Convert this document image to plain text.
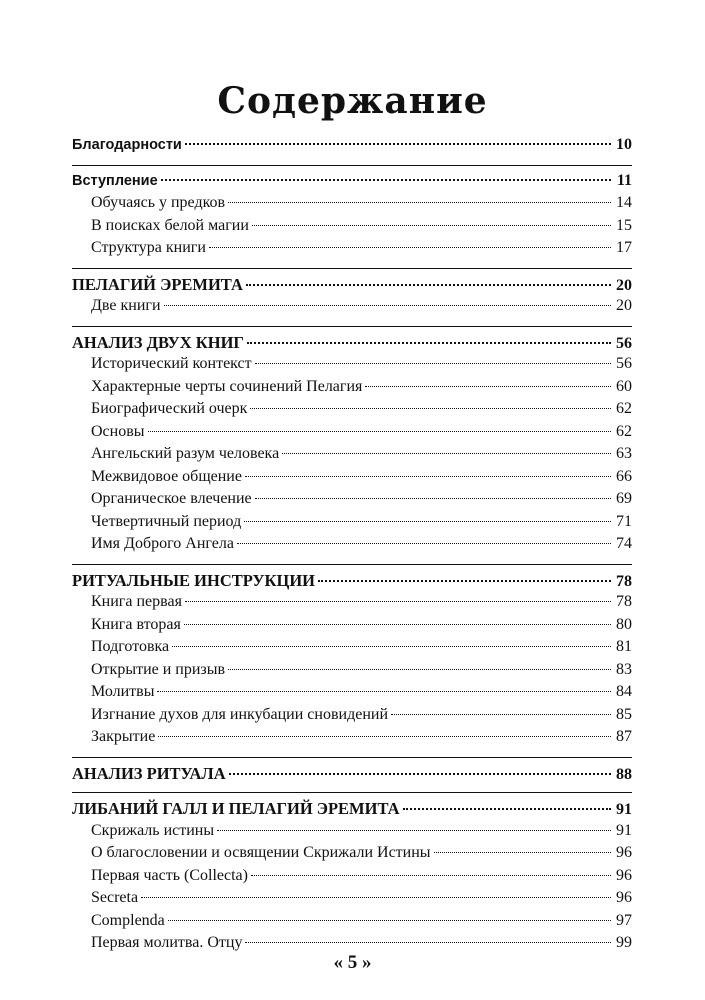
Содержание
Благодарности	10
Вступление	11
Обучаясь у предков	14
В поисках белой магии	15
Структура книги	17
ПЕЛАГИЙ ЭРЕМИТА	20
Две книги	20
АНАЛИЗ ДВУХ КНИГ	56
Исторический контекст	56
Характерные черты сочинений Пелагия	60
Биографический очерк	62
Основы	62
Ангельский разум человека	63
Межвидовое общение	66
Органическое влечение	69
Четвертичный период	71
Имя Доброго Ангела	74
РИТУАЛЬНЫЕ ИНСТРУКЦИИ	78
Книга первая	78
Книга вторая	80
Подготовка	81
Открытие и призыв	83
Молитвы	84
Изгнание духов для инкубации сновидений	85
Закрытие	87
АНАЛИЗ РИТУАЛА	88
ЛИБАНИЙ ГАЛЛ И ПЕЛАГИЙ ЭРЕМИТА	91
Скрижаль истины	91
О благословении и освящении Скрижали Истины	96
Первая часть (Collecta)	96
Secreta	96
Complenda	97
Первая молитва. Отцу	99
« 5 »
